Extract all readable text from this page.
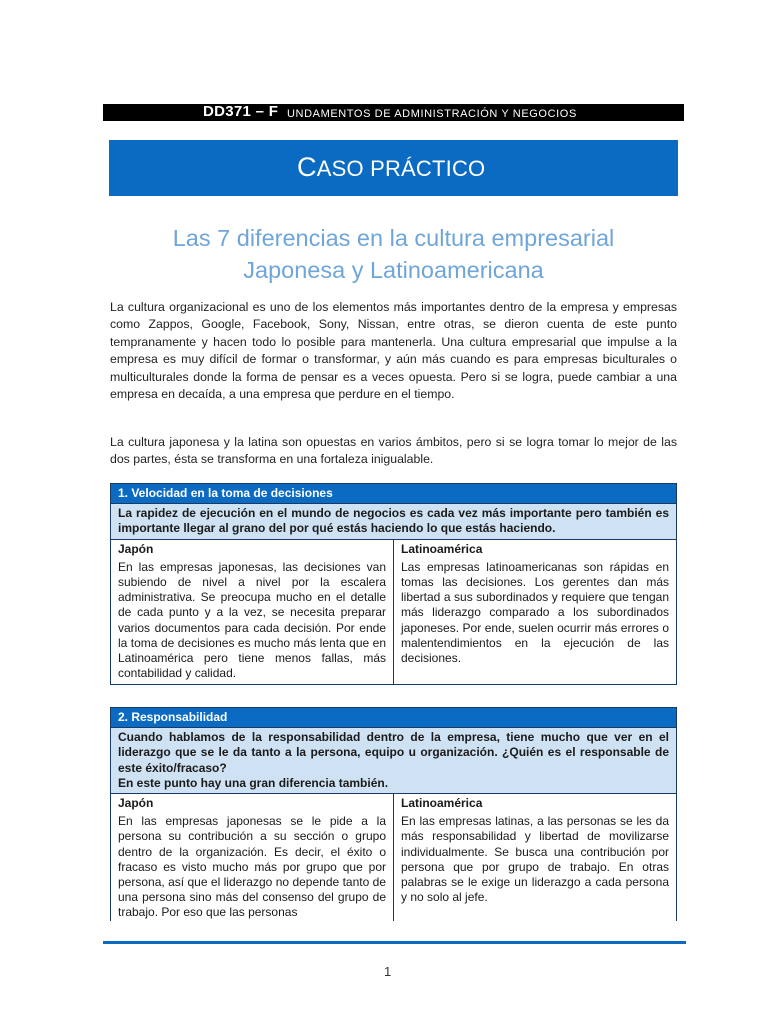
DD371 – F UNDAMENTOS DE ADMINISTRACIÓN Y NEGOCIOS
CASO PRÁCTICO
Las 7 diferencias en la cultura empresarial
Japonesa y Latinoamericana
La cultura organizacional es uno de los elementos más importantes dentro de la empresa y empresas como Zappos, Google, Facebook, Sony, Nissan, entre otras, se dieron cuenta de este punto tempranamente y hacen todo lo posible para mantenerla. Una cultura empresarial que impulse a la empresa es muy difícil de formar o transformar, y aún más cuando es para empresas biculturales o multiculturales donde la forma de pensar es a veces opuesta. Pero si se logra, puede cambiar a una empresa en decaída, a una empresa que perdure en el tiempo.
La cultura japonesa y la latina son opuestas en varios ámbitos, pero si se logra tomar lo mejor de las dos partes, ésta se transforma en una fortaleza inigualable.
1. Velocidad en la toma de decisiones
La rapidez de ejecución en el mundo de negocios es cada vez más importante pero también es importante llegar al grano del por qué estás haciendo lo que estás haciendo.

Japón
En las empresas japonesas, las decisiones van subiendo de nivel a nivel por la escalera administrativa. Se preocupa mucho en el detalle de cada punto y a la vez, se necesita preparar varios documentos para cada decisión. Por ende la toma de decisiones es mucho más lenta que en Latinoamérica pero tiene menos fallas, más contabilidad y calidad.

Latinoamérica
Las empresas latinoamericanas son rápidas en tomas las decisiones. Los gerentes dan más libertad a sus subordinados y requiere que tengan más liderazgo comparado a los subordinados japoneses. Por ende, suelen ocurrir más errores o malentendimientos en la ejecución de las decisiones.
2. Responsabilidad

Cuando hablamos de la responsabilidad dentro de la empresa, tiene mucho que ver en el liderazgo que se le da tanto a la persona, equipo u organización. ¿Quién es el responsable de este éxito/fracaso?
En este punto hay una gran diferencia también.

Japón
En las empresas japonesas se le pide a la persona su contribución a su sección o grupo dentro de la organización. Es decir, el éxito o fracaso es visto mucho más por grupo que por persona, así que el liderazgo no depende tanto de una persona sino más del consenso del grupo de trabajo. Por eso que las personas

Latinoamérica
En las empresas latinas, a las personas se les da más responsabilidad y libertad de movilizarse individualmente. Se busca una contribución por persona que por grupo de trabajo. En otras palabras se le exige un liderazgo a cada persona y no solo al jefe.
1
